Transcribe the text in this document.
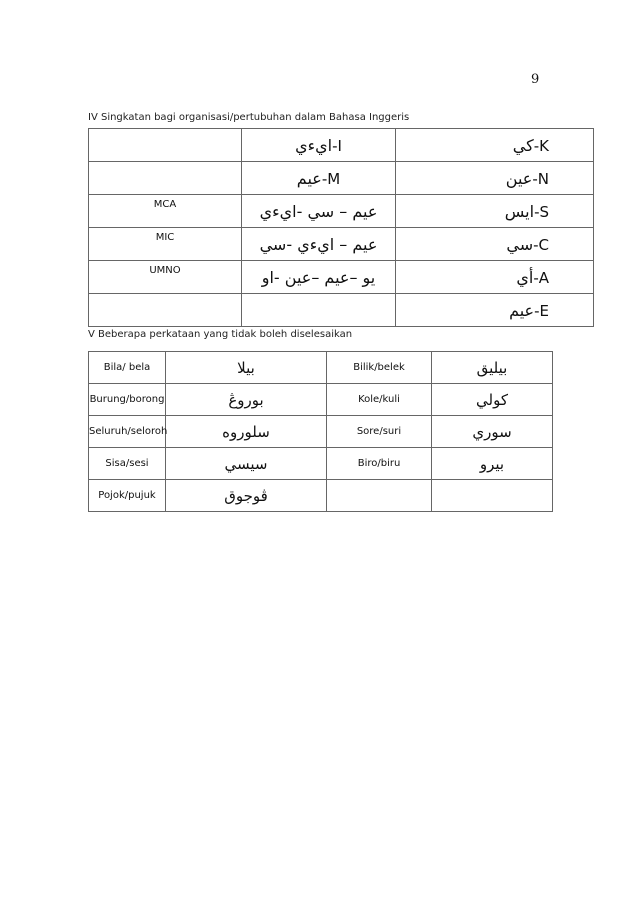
9
IV Singkatan bagi organisasi/pertubuhan dalam Bahasa Inggeris
	ايءي-I	كي-K
	عيم-M	عين-N
MCA	عيم – سي -ايءي	ايس-S
MIC	عيم – ايءي -سي	سي-C
UMNO	يو –عيم –عين -او	أي-A
		عيم-E
V Beberapa perkataan yang tidak boleh diselesaikan
Bila/ bela	بيلا	Bilik/belek	بيليق
Burung/borong	بوروڠ	Kole/kuli	كولي
Seluruh/seloroh	سلوروه	Sore/suri	سوري
Sisa/sesi	سيسي	Biro/biru	بيرو
Pojok/pujuk	ڤوجوق		
